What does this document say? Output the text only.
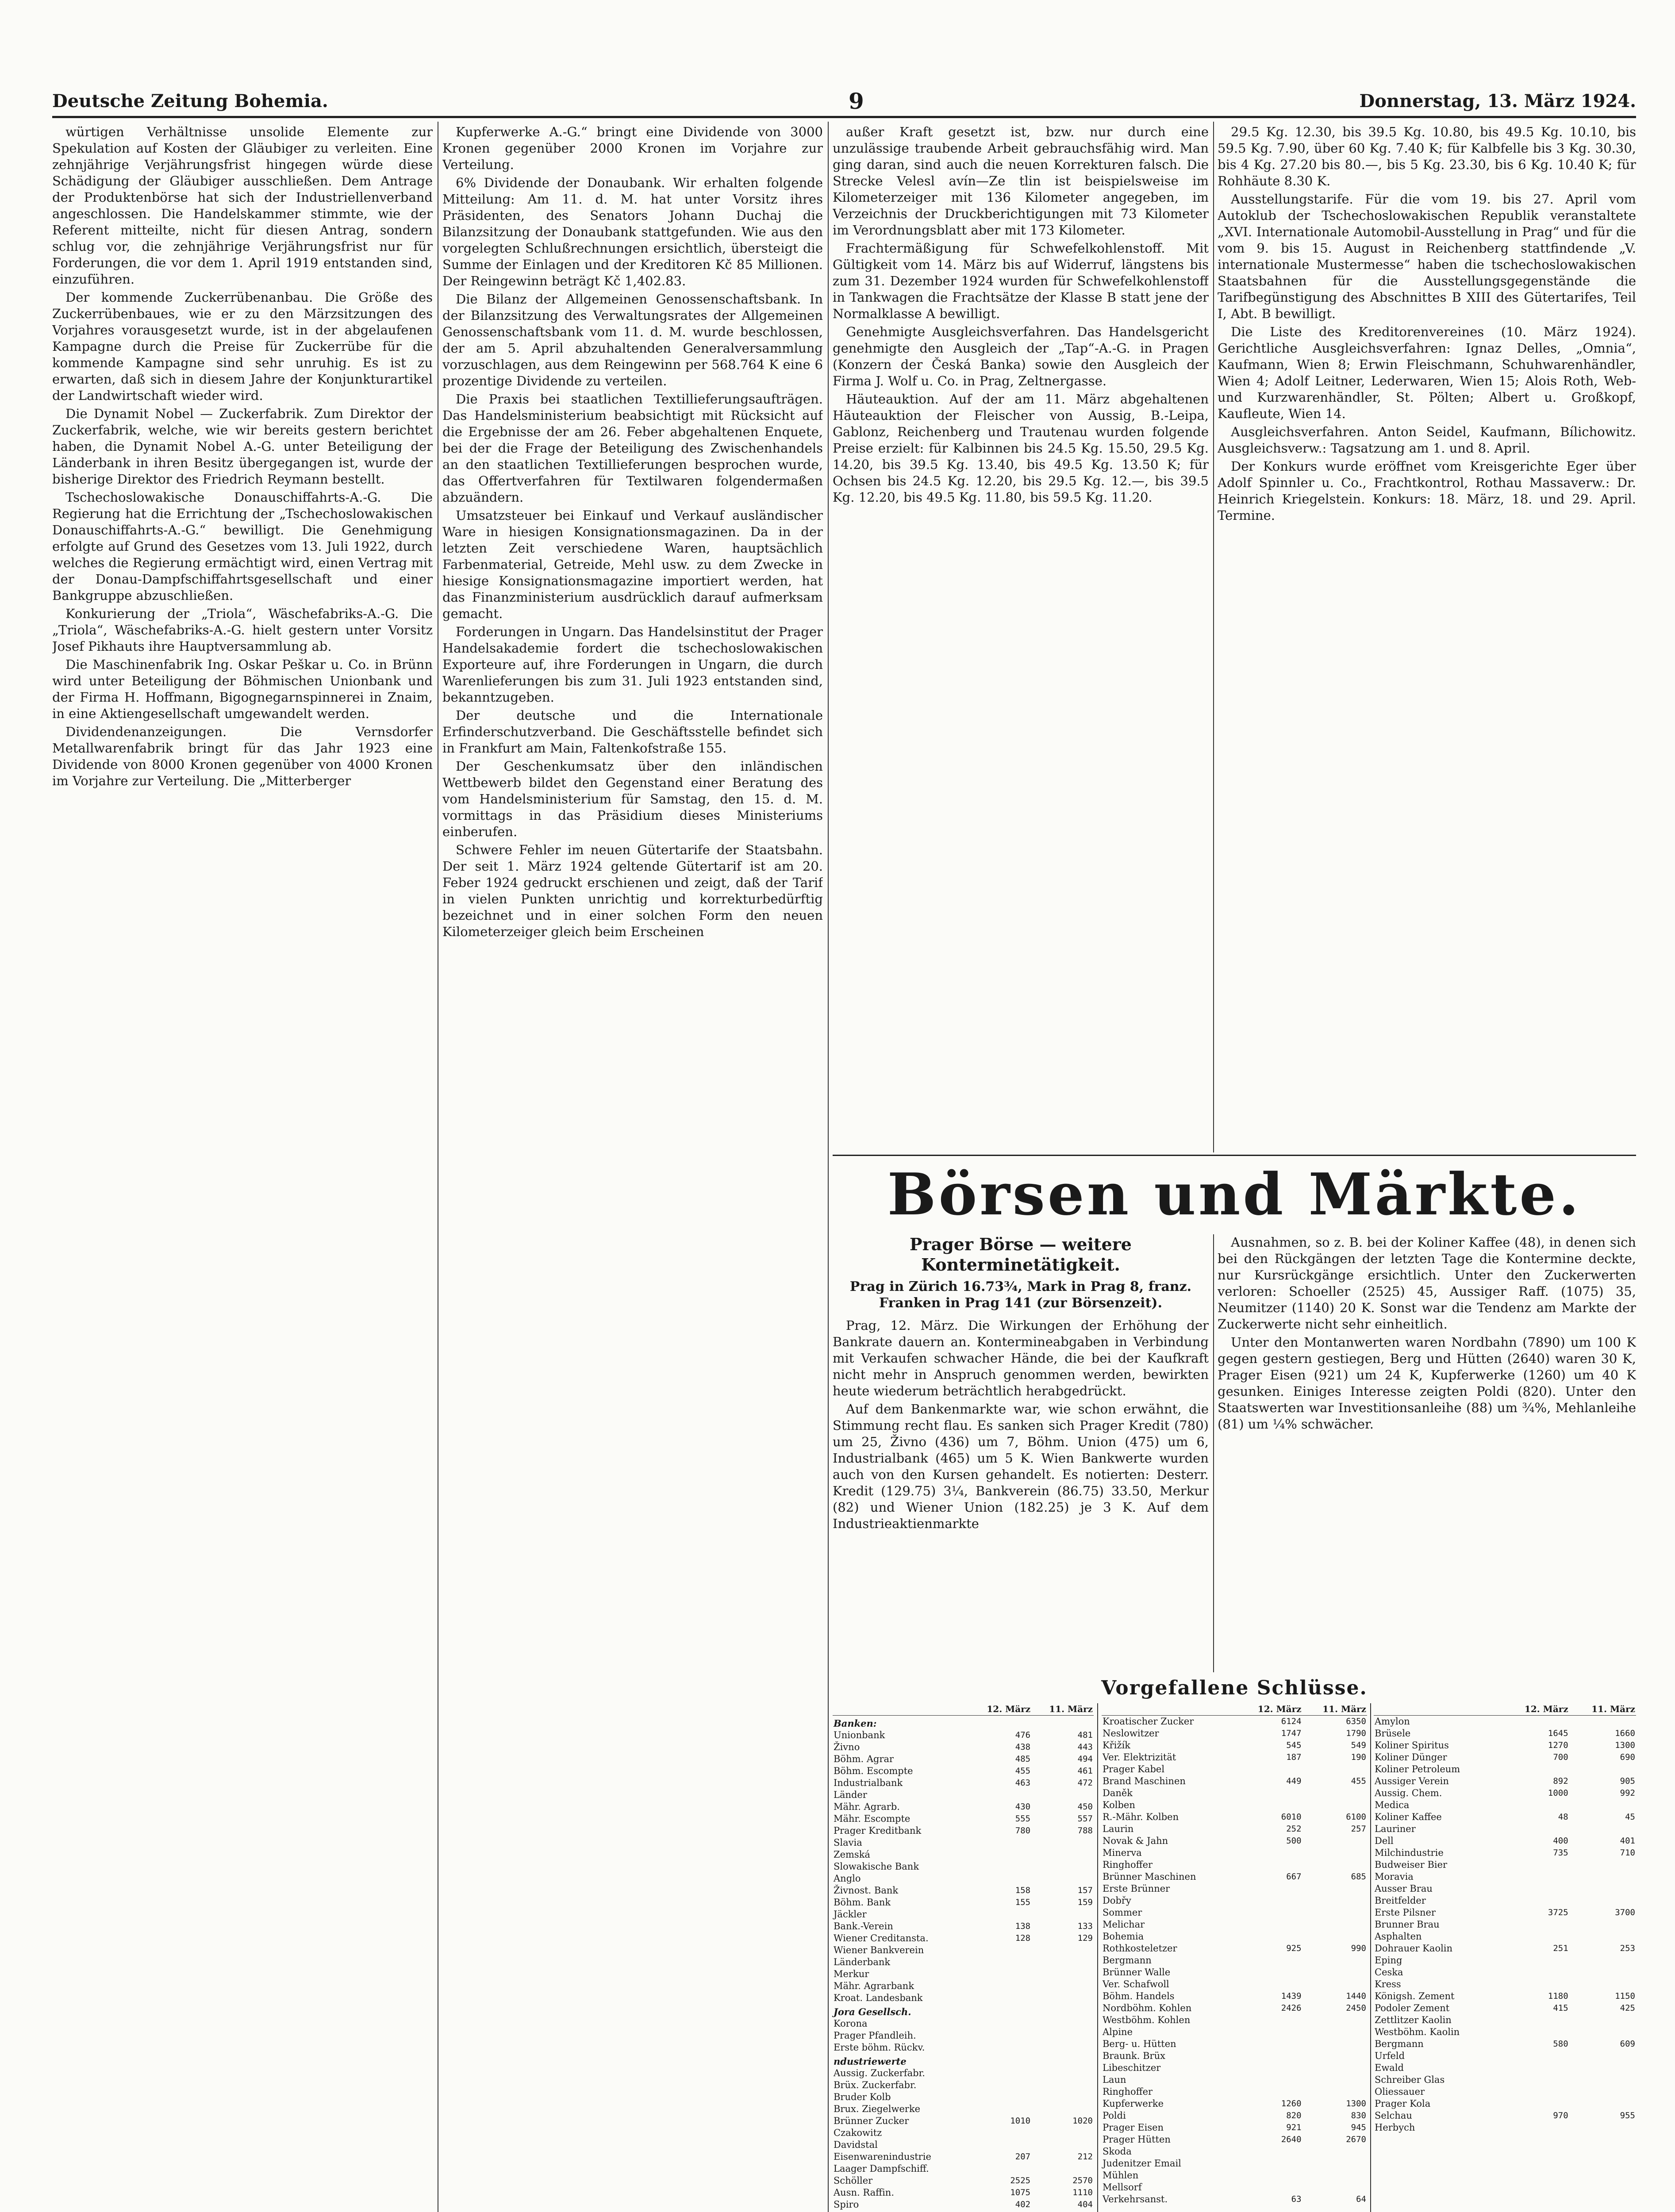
Deutsche Zeitung Bohemia.	9	Donnerstag, 13. März 1924.

würtigen Verhältnisse unsolide Elemente zur Spekulation auf Kosten der Gläubiger zu verleiten. Eine zehnjährige Verjährungsfrist hingegen würde diese Schädigung der Gläubiger ausschließen. Dem Antrage der Produktenbörse hat sich der Industriellenverband angeschlossen. Die Handelskammer stimmte, wie der Referent mitteilte, nicht für diesen Antrag, sondern schlug vor, die zehnjährige Verjährungsfrist nur für Forderungen, die vor dem 1. April 1919 entstanden sind, einzuführen.

Der kommende Zuckerrübenanbau. Die Größe des Zuckerrübenbaues, wie er zu den Märzsitzungen des Vorjahres vorausgesetzt wurde, ist in der abgelaufenen Kampagne durch die Preise für Zuckerrübe für die kommende Kampagne sind sehr unruhig. Es ist zu erwarten, daß sich in diesem Jahre der Konjunkturartikel der Landwirtschaft wieder wird.

Die Dynamit Nobel — Zuckerfabrik. Zum Direktor der Zuckerfabrik, welche, wie wir bereits gestern berichtet haben, die Dynamit Nobel A.-G. unter Beteiligung der Länderbank in ihren Besitz übergegangen ist, wurde der bisherige Direktor des Friedrich Reymann bestellt.

Tschechoslowakische Donauschiffahrts-A.-G. Die Regierung hat die Errichtung der „Tschechoslowakischen Donauschiffahrts-A.-G.“ bewilligt. Die Genehmigung erfolgte auf Grund des Gesetzes vom 13. Juli 1922, durch welches die Regierung ermächtigt wird, einen Vertrag mit der Donau-Dampfschiffahrtsgesellschaft und einer Bankgruppe abzuschließen.

Konkurierung der „Triola“, Wäschefabriks-A.-G. Die „Triola“, Wäschefabriks-A.-G. hielt gestern unter Vorsitz Josef Pikhauts ihre Hauptversammlung ab.

Die Maschinenfabrik Ing. Oskar Peškar u. Co. in Brünn wird unter Beteiligung der Böhmischen Unionbank und der Firma H. Hoffmann, Bigognegarnspinnerei in Znaim, in eine Aktiengesellschaft umgewandelt werden.

Dividendenanzeigungen. Die Vernsdorfer Metallwarenfabrik bringt für das Jahr 1923 eine Dividende von 8000 Kronen gegenüber von 4000 Kronen im Vorjahre zur Verteilung. Die „Mitterberger

Kupferwerke A.-G.“ bringt eine Dividende von 3000 Kronen gegenüber 2000 Kronen im Vorjahre zur Verteilung.

6% Dividende der Donaubank. Wir erhalten folgende Mitteilung: Am 11. d. M. hat unter Vorsitz ihres Präsidenten, des Senators Johann Duchaj die Bilanzsitzung der Donaubank stattgefunden. Wie aus den vorgelegten Schlußrechnungen ersichtlich, übersteigt die Summe der Einlagen und der Kreditoren Kč 85 Millionen. Der Reingewinn beträgt Kč 1,402.83.

Die Bilanz der Allgemeinen Genossenschaftsbank. In der Bilanzsitzung des Verwaltungsrates der Allgemeinen Genossenschaftsbank vom 11. d. M. wurde beschlossen, der am 5. April abzuhaltenden Generalversammlung vorzuschlagen, aus dem Reingewinn per 568.764 K eine 6 prozentige Dividende zu verteilen.

Die Praxis bei staatlichen Textillieferungsaufträgen. Das Handelsministerium beabsichtigt mit Rücksicht auf die Ergebnisse der am 26. Feber abgehaltenen Enquete, bei der die Frage der Beteiligung des Zwischenhandels an den staatlichen Textillieferungen besprochen wurde, das Offertverfahren für Textilwaren folgendermaßen abzuändern.

Umsatzsteuer bei Einkauf und Verkauf ausländischer Ware in hiesigen Konsignationsmagazinen. Da in der letzten Zeit verschiedene Waren, hauptsächlich Farbenmaterial, Getreide, Mehl usw. zu dem Zwecke in hiesige Konsignationsmagazine importiert werden, hat das Finanzministerium ausdrücklich darauf aufmerksam gemacht.

Forderungen in Ungarn. Das Handelsinstitut der Prager Handelsakademie fordert die tschechoslowakischen Exporteure auf, ihre Forderungen in Ungarn, die durch Warenlieferungen bis zum 31. Juli 1923 entstanden sind, bekanntzugeben.

Der deutsche und die Internationale Erfinderschutzverband. Die Geschäftsstelle befindet sich in Frankfurt am Main, Faltenkofstraße 155.

Der Geschenkumsatz über den inländischen Wettbewerb bildet den Gegenstand einer Beratung des vom Handelsministerium für Samstag, den 15. d. M. vormittags in das Präsidium dieses Ministeriums einberufen.

Schwere Fehler im neuen Gütertarife der Staatsbahn. Der seit 1. März 1924 geltende Gütertarif ist am 20. Feber 1924 gedruckt erschienen und zeigt, daß der Tarif in vielen Punkten unrichtig und korrekturbedürftig bezeichnet und in einer solchen Form den neuen Kilometerzeiger gleich beim Erscheinen

außer Kraft gesetzt ist, bzw. nur durch eine unzulässige traubende Arbeit gebrauchsfähig wird. Man ging daran, sind auch die neuen Korrekturen falsch. Die Strecke Velesl avín—Ze tlin ist beispielsweise im Kilometerzeiger mit 136 Kilometer angegeben, im Verzeichnis der Druckberichtigungen mit 73 Kilometer im Verordnungsblatt aber mit 173 Kilometer.

Frachtermäßigung für Schwefelkohlenstoff. Mit Gültigkeit vom 14. März bis auf Widerruf, längstens bis zum 31. Dezember 1924 wurden für Schwefelkohlenstoff in Tankwagen die Frachtsätze der Klasse B statt jene der Normalklasse A bewilligt.

Genehmigte Ausgleichsverfahren. Das Handelsgericht genehmigte den Ausgleich der „Tap“-A.-G. in Pragen (Konzern der Česká Banka) sowie den Ausgleich der Firma J. Wolf u. Co. in Prag, Zeltnergasse.

Häuteauktion. Auf der am 11. März abgehaltenen Häuteauktion der Fleischer von Aussig, B.-Leipa, Gablonz, Reichenberg und Trautenau wurden folgende Preise erzielt: für Kalbinnen bis 24.5 Kg. 15.50, 29.5 Kg. 14.20, bis 39.5 Kg. 13.40, bis 49.5 Kg. 13.50 K; für Ochsen bis 24.5 Kg. 12.20, bis 29.5 Kg. 12.—, bis 39.5 Kg. 12.20, bis 49.5 Kg. 11.80, bis 59.5 Kg. 11.20.

29.5 Kg. 12.30, bis 39.5 Kg. 10.80, bis 49.5 Kg. 10.10, bis 59.5 Kg. 7.90, über 60 Kg. 7.40 K; für Kalbfelle bis 3 Kg. 30.30, bis 4 Kg. 27.20 bis 80.—, bis 5 Kg. 23.30, bis 6 Kg. 10.40 K; für Rohhäute 8.30 K.

Ausstellungstarife. Für die vom 19. bis 27. April vom Autoklub der Tschechoslowakischen Republik veranstaltete „XVI. Internationale Automobil-Ausstellung in Prag“ und für die vom 9. bis 15. August in Reichenberg stattfindende „V. internationale Mustermesse“ haben die tschechoslowakischen Staatsbahnen für die Ausstellungsgegenstände die Tarifbegünstigung des Abschnittes B XIII des Gütertarifes, Teil I, Abt. B bewilligt.

Die Liste des Kreditorenvereines (10. März 1924). Gerichtliche Ausgleichsverfahren: Ignaz Delles, „Omnia“, Kaufmann, Wien 8; Erwin Fleischmann, Schuhwarenhändler, Wien 4; Adolf Leitner, Lederwaren, Wien 15; Alois Roth, Web- und Kurzwarenhändler, St. Pölten; Albert u. Großkopf, Kaufleute, Wien 14.

Ausgleichsverfahren. Anton Seidel, Kaufmann, Bílichowitz. Ausgleichsverw.: Tagsatzung am 1. und 8. April.

Der Konkurs wurde eröffnet vom Kreisgerichte Eger über Adolf Spinnler u. Co., Frachtkontrol, Rothau Massaverw.: Dr. Heinrich Kriegelstein. Konkurs: 18. März, 18. und 29. April. Termine.

Börsen und Märkte.
Prager Börse — weitere Konterminetätigkeit.
Prag in Zürich 16.73¾, Mark in Prag 8, franz. Franken in Prag 141 (zur Börsenzeit).

Prag, 12. März. Die Wirkungen der Erhöhung der Bankrate dauern an. Kontermineabgaben in Verbindung mit Verkaufen schwacher Hände, die bei der Kaufkraft nicht mehr in Anspruch genommen werden, bewirkten heute wiederum beträchtlich herabgedrückt.

Auf dem Bankenmarkte war, wie schon erwähnt, die Stimmung recht flau. Es sanken sich Prager Kredit (780) um 25, Živno (436) um 7, Böhm. Union (475) um 6, Industrialbank (465) um 5 K. Wien Bankwerte wurden auch von den Kursen gehandelt. Es notierten: Desterr. Kredit (129.75) 3¼, Bankverein (86.75) 33.50, Merkur (82) und Wiener Union (182.25) je 3 K. Auf dem Industrieaktienmarkte

Ausnahmen, so z. B. bei der Koliner Kaffee (48), in denen sich bei den Rückgängen der letzten Tage die Kontermine deckte, nur Kursrückgänge ersichtlich. Unter den Zuckerwerten verloren: Schoeller (2525) 45, Aussiger Raff. (1075) 35, Neumitzer (1140) 20 K. Sonst war die Tendenz am Markte der Zuckerwerte nicht sehr einheitlich.

Unter den Montanwerten waren Nordbahn (7890) um 100 K gegen gestern gestiegen, Berg und Hütten (2640) waren 30 K, Prager Eisen (921) um 24 K, Kupferwerke (1260) um 40 K gesunken. Einiges Interesse zeigten Poldi (820). Unter den Staatswerten war Investitionsanleihe (88) um ¾%, Mehlanleihe (81) um ¼% schwächer.

Vorgefallene Schlüsse.
	12. März	11. März
Banken:		
Unionbank	476	481
Živno	438	443
Böhm. Agrar	485	494
Böhm. Escompte	455	461
Industrialbank	463	472
Länder		
Mähr. Agrarb.	430	450
Mähr. Escompte	555	557
Prager Kreditbank	780	788
Slavia		
Zemská		
Slowakische Bank		
Anglo		
Živnost. Bank	158	157
Böhm. Bank	155	159
Jäckler		
Bank.-Verein	138	133
Wiener Creditansta.	128	129
Wiener Bankverein		
Länderbank		
Merkur		
Mähr. Agrarbank		
Kroat. Landesbank		
Jora Gesellsch.		
Korona		
Prager Pfandleih.		
Erste böhm. Rückv.		
ndustriewerte		
Aussig. Zuckerfabr.		
Brüx. Zuckerfabr.		
Bruder Kolb		
Brux. Ziegelwerke		
Brünner Zucker	1010	1020
Czakowitz		
Davidstal		
Eisenwarenindustrie	207	212
Laager Dampfschiff.		
Schöller	2525	2570
Ausn. Raffin.	1075	1110
Spiro	402	404
	12. März	11. März
Kroatischer Zucker	6124	6350
Neslowitzer	1747	1790
Křižík	545	549
Ver. Elektrizität	187	190
Prager Kabel		
Brand Maschinen	449	455
Daněk		
Kolben		
R.-Mähr. Kolben	6010	6100
Laurin	252	257
Novak & Jahn	500	
Minerva		
Ringhoffer		
Brünner Maschinen	667	685
Erste Brünner		
Dobřy		
Sommer		
Melichar		
Bohemia		
Rothkosteletzer	925	990
Bergmann		
Brünner Walle		
Ver. Schafwoll		
Böhm. Handels	1439	1440
Nordböhm. Kohlen	2426	2450
Westböhm. Kohlen		
Alpine		
Berg- u. Hütten		
Braunk. Brüx		
Libeschitzer		
Laun		
Ringhoffer		
Kupferwerke	1260	1300
Poldi	820	830
Prager Eisen	921	945
Prager Hütten	2640	2670
Skoda		
Judenitzer Email		
Mühlen		
Mellsorf		
Verkehrsanst.	63	64
	12. März	11. März
Amylon		
Brüsele	1645	1660
Koliner Spiritus	1270	1300
Koliner Dünger	700	690
Koliner Petroleum		
Aussiger Verein	892	905
Aussig. Chem.	1000	992
Medica		
Koliner Kaffee	48	45
Lauriner		
Dell	400	401
Milchindustrie	735	710
Budweiser Bier		
Moravia		
Ausser Brau		
Breitfelder		
Erste Pilsner	3725	3700
Brunner Brau		
Asphalten		
Dohrauer Kaolin	251	253
Eping		
Ceska		
Kress		
Königsh. Zement	1180	1150
Podoler Zement	415	425
Zettlitzer Kaolin		
Westböhm. Kaolin		
Bergmann	580	609
Urfeld		
Ewald		
Schreiber Glas		
Oliessauer		
Prager Kola		
Selchau	970	955
Herbych		
